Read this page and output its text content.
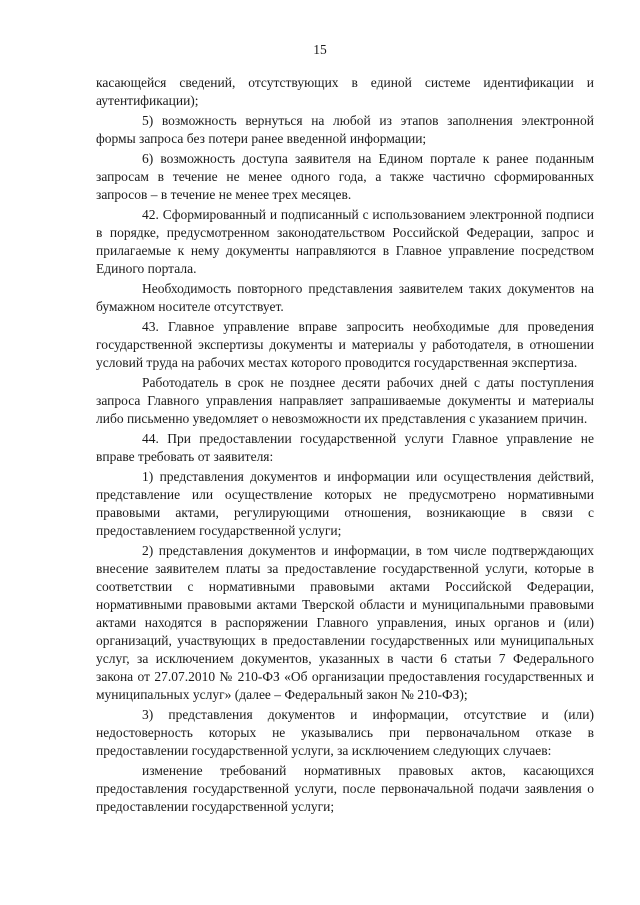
15

касающейся сведений, отсутствующих в единой системе идентификации и аутентификации);

5) возможность вернуться на любой из этапов заполнения электронной формы запроса без потери ранее введенной информации;

6) возможность доступа заявителя на Едином портале к ранее поданным запросам в течение не менее одного года, а также частично сформированных запросов – в течение не менее трех месяцев.

42. Сформированный и подписанный с использованием электронной подписи в порядке, предусмотренном законодательством Российской Федерации, запрос и прилагаемые к нему документы направляются в Главное управление посредством Единого портала.

Необходимость повторного представления заявителем таких документов на бумажном носителе отсутствует.

43. Главное управление вправе запросить необходимые для проведения государственной экспертизы документы и материалы у работодателя, в отношении условий труда на рабочих местах которого проводится государственная экспертиза.

Работодатель в срок не позднее десяти рабочих дней с даты поступления запроса Главного управления направляет запрашиваемые документы и материалы либо письменно уведомляет о невозможности их представления с указанием причин.

44. При предоставлении государственной услуги Главное управление не вправе требовать от заявителя:

1) представления документов и информации или осуществления действий, представление или осуществление которых не предусмотрено нормативными правовыми актами, регулирующими отношения, возникающие в связи с предоставлением государственной услуги;

2) представления документов и информации, в том числе подтверждающих внесение заявителем платы за предоставление государственной услуги, которые в соответствии с нормативными правовыми актами Российской Федерации, нормативными правовыми актами Тверской области и муниципальными правовыми актами находятся в распоряжении Главного управления, иных органов и (или) организаций, участвующих в предоставлении государственных или муниципальных услуг, за исключением документов, указанных в части 6 статьи 7 Федерального закона от 27.07.2010 № 210-ФЗ «Об организации предоставления государственных и муниципальных услуг» (далее – Федеральный закон № 210-ФЗ);

3) представления документов и информации, отсутствие и (или) недостоверность которых не указывались при первоначальном отказе в предоставлении государственной услуги, за исключением следующих случаев:

изменение требований нормативных правовых актов, касающихся предоставления государственной услуги, после первоначальной подачи заявления о предоставлении государственной услуги;
